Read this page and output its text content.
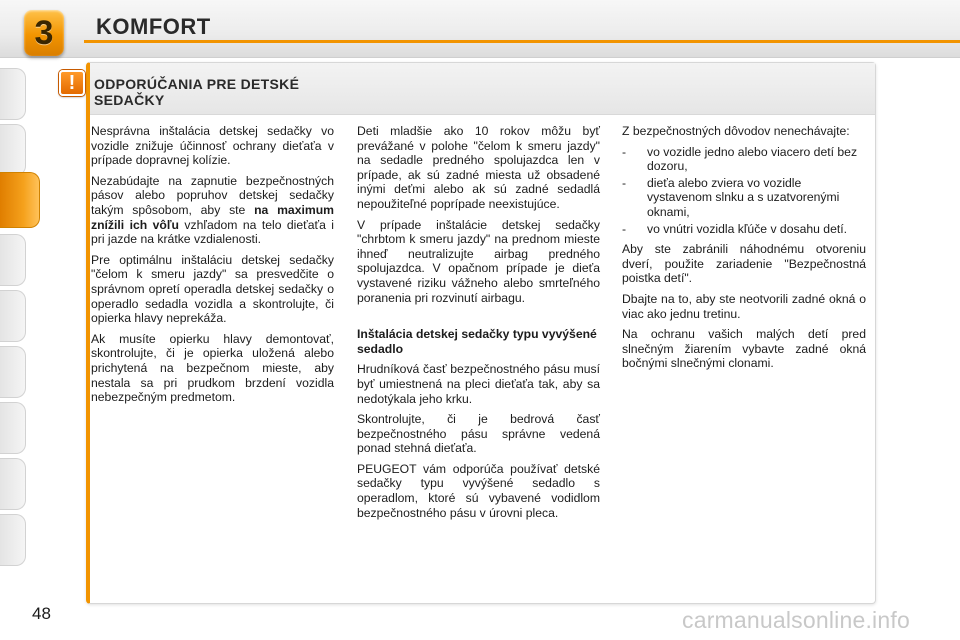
3	KOMFORT
!	ODPORÚČANIA PRE DETSKÉ SEDAČKY

Nesprávna inštalácia detskej sedačky vo vozidle znižuje účinnosť ochrany dieťaťa v prípade dopravnej kolízie.

Nezabúdajte na zapnutie bezpečnostných pásov alebo popruhov detskej sedačky takým spôsobom, aby ste na maximum znížili ich vôľu vzhľadom na telo dieťaťa i pri jazde na krátke vzdialenosti.

Pre optimálnu inštaláciu detskej sedačky "čelom k smeru jazdy" sa presvedčite o správnom opretí operadla detskej sedačky o operadlo sedadla vozidla a skontrolujte, či opierka hlavy neprekáža.

Ak musíte opierku hlavy demontovať, skontrolujte, či je opierka uložená alebo prichytená na bezpečnom mieste, aby nestala sa pri prudkom brzdení vozidla nebezpečným predmetom.

Deti mladšie ako 10 rokov môžu byť prevážané v polohe "čelom k smeru jazdy" na sedadle predného spolujazdca len v prípade, ak sú zadné miesta už obsadené inými deťmi alebo ak sú zadné sedadlá nepoužiteľné poprípade neexistujúce.

V prípade inštalácie detskej sedačky "chrbtom k smeru jazdy" na prednom mieste ihneď neutralizujte airbag predného spolujazdca. V opačnom prípade je dieťa vystavené riziku vážneho alebo smrteľného poranenia pri rozvinutí airbagu.

Inštalácia detskej sedačky typu vyvýšené sedadlo

Hrudníková časť bezpečnostného pásu musí byť umiestnená na pleci dieťaťa tak, aby sa nedotýkala jeho krku.

Skontrolujte, či je bedrová časť bezpečnostného pásu správne vedená ponad stehná dieťaťa.

PEUGEOT vám odporúča používať detské sedačky typu vyvýšené sedadlo s operadlom, ktoré sú vybavené vodidlom bezpečnostného pásu v úrovni pleca.

Z bezpečnostných dôvodov nenechávajte:

- vo vozidle jedno alebo viacero detí bez dozoru,
- dieťa alebo zviera vo vozidle vystavenom slnku a s uzatvorenými oknami,
- vo vnútri vozidla kľúče v dosahu detí.

Aby ste zabránili náhodnému otvoreniu dverí, použite zariadenie "Bezpečnostná poistka detí".

Dbajte na to, aby ste neotvorili zadné okná o viac ako jednu tretinu.

Na ochranu vašich malých detí pred slnečným žiarením vybavte zadné okná bočnými slnečnými clonami.

48	carmanualsonline.info
